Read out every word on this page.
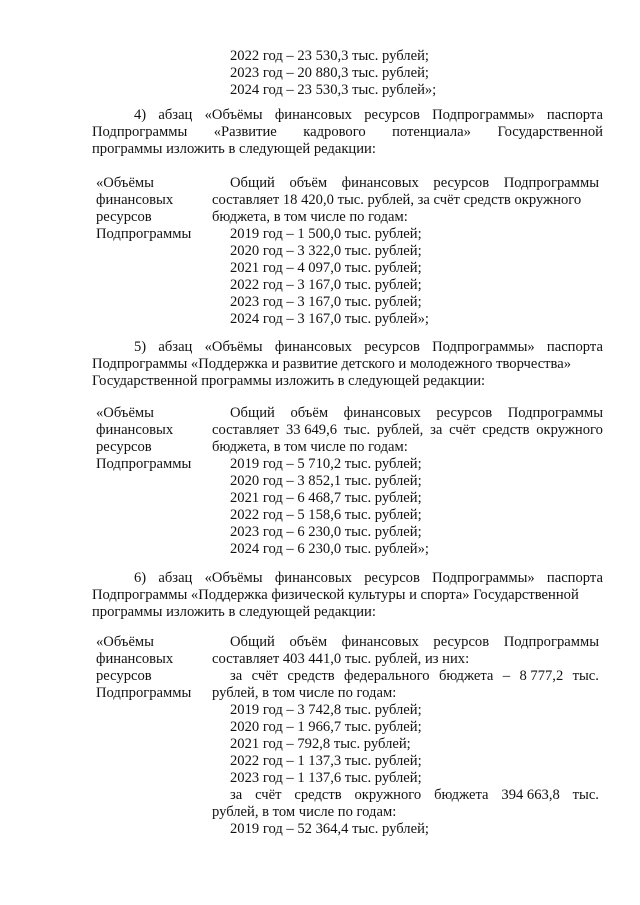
2022 год – 23 530,3 тыс. рублей;
2023 год – 20 880,3 тыс. рублей;
2024 год – 23 530,3 тыс. рублей»;
4) абзац «Объёмы финансовых ресурсов Подпрограммы» паспорта
Подпрограммы «Развитие кадрового потенциала» Государственной
программы изложить в следующей редакции:
«Объёмы
финансовых
ресурсов
Подпрограммы
Общий объём финансовых ресурсов Подпрограммы
составляет 18 420,0 тыс. рублей, за счёт средств окружного
бюджета, в том числе по годам:
2019 год – 1 500,0 тыс. рублей;
2020 год – 3 322,0 тыс. рублей;
2021 год – 4 097,0 тыс. рублей;
2022 год – 3 167,0 тыс. рублей;
2023 год – 3 167,0 тыс. рублей;
2024 год – 3 167,0 тыс. рублей»;
5) абзац «Объёмы финансовых ресурсов Подпрограммы» паспорта
Подпрограммы «Поддержка и развитие детского и молодежного творчества»
Государственной программы изложить в следующей редакции:
«Объёмы
финансовых
ресурсов
Подпрограммы
Общий объём финансовых ресурсов Подпрограммы
составляет 33 649,6 тыс. рублей, за счёт средств окружного
бюджета, в том числе по годам:
2019 год – 5 710,2 тыс. рублей;
2020 год – 3 852,1 тыс. рублей;
2021 год – 6 468,7 тыс. рублей;
2022 год – 5 158,6 тыс. рублей;
2023 год – 6 230,0 тыс. рублей;
2024 год – 6 230,0 тыс. рублей»;
6) абзац «Объёмы финансовых ресурсов Подпрограммы» паспорта
Подпрограммы «Поддержка физической культуры и спорта» Государственной
программы изложить в следующей редакции:
«Объёмы
финансовых
ресурсов
Подпрограммы
Общий объём финансовых ресурсов Подпрограммы
составляет 403 441,0 тыс. рублей, из них:
за счёт средств федерального бюджета – 8 777,2 тыс.
рублей, в том числе по годам:
2019 год – 3 742,8 тыс. рублей;
2020 год – 1 966,7 тыс. рублей;
2021 год – 792,8 тыс. рублей;
2022 год – 1 137,3 тыс. рублей;
2023 год – 1 137,6 тыс. рублей;
за счёт средств окружного бюджета 394 663,8 тыс.
рублей, в том числе по годам:
2019 год – 52 364,4 тыс. рублей;
